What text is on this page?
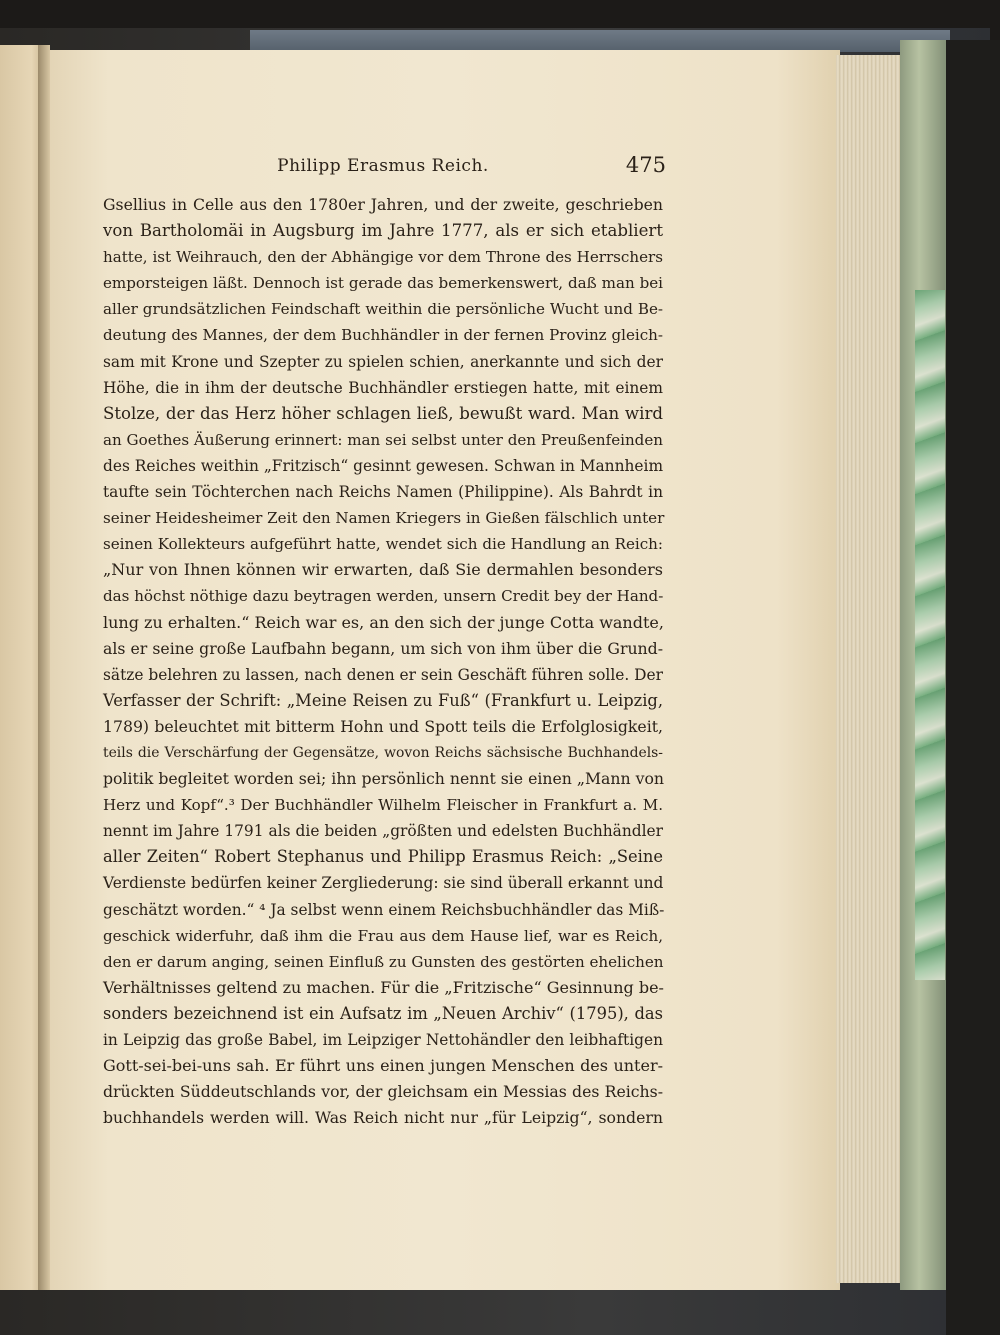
Philipp Erasmus Reich.	475
Gsellius in Celle aus den 1780er Jahren, und der zweite, geschrieben
von Bartholomäi in Augsburg im Jahre 1777, als er sich etabliert
hatte, ist Weihrauch, den der Abhängige vor dem Throne des Herrschers
emporsteigen läßt. Dennoch ist gerade das bemerkenswert, daß man bei
aller grundsätzlichen Feindschaft weithin die persönliche Wucht und Be-
deutung des Mannes, der dem Buchhändler in der fernen Provinz gleich-
sam mit Krone und Szepter zu spielen schien, anerkannte und sich der
Höhe, die in ihm der deutsche Buchhändler erstiegen hatte, mit einem
Stolze, der das Herz höher schlagen ließ, bewußt ward. Man wird
an Goethes Äußerung erinnert: man sei selbst unter den Preußenfeinden
des Reiches weithin „Fritzisch“ gesinnt gewesen. Schwan in Mannheim
taufte sein Töchterchen nach Reichs Namen (Philippine). Als Bahrdt in
seiner Heidesheimer Zeit den Namen Kriegers in Gießen fälschlich unter
seinen Kollekteurs aufgeführt hatte, wendet sich die Handlung an Reich:
„Nur von Ihnen können wir erwarten, daß Sie dermahlen besonders
das höchst nöthige dazu beytragen werden, unsern Credit bey der Hand-
lung zu erhalten.“ Reich war es, an den sich der junge Cotta wandte,
als er seine große Laufbahn begann, um sich von ihm über die Grund-
sätze belehren zu lassen, nach denen er sein Geschäft führen solle. Der
Verfasser der Schrift: „Meine Reisen zu Fuß“ (Frankfurt u. Leipzig,
1789) beleuchtet mit bitterm Hohn und Spott teils die Erfolglosigkeit,
teils die Verschärfung der Gegensätze, wovon Reichs sächsische Buchhandels-
politik begleitet worden sei; ihn persönlich nennt sie einen „Mann von
Herz und Kopf“.³ Der Buchhändler Wilhelm Fleischer in Frankfurt a. M.
nennt im Jahre 1791 als die beiden „größten und edelsten Buchhändler
aller Zeiten“ Robert Stephanus und Philipp Erasmus Reich: „Seine
Verdienste bedürfen keiner Zergliederung: sie sind überall erkannt und
geschätzt worden.“ ⁴ Ja selbst wenn einem Reichsbuchhändler das Miß-
geschick widerfuhr, daß ihm die Frau aus dem Hause lief, war es Reich,
den er darum anging, seinen Einfluß zu Gunsten des gestörten ehelichen
Verhältnisses geltend zu machen. Für die „Fritzische“ Gesinnung be-
sonders bezeichnend ist ein Aufsatz im „Neuen Archiv“ (1795), das
in Leipzig das große Babel, im Leipziger Nettohändler den leibhaftigen
Gott-sei-bei-uns sah. Er führt uns einen jungen Menschen des unter-
drückten Süddeutschlands vor, der gleichsam ein Messias des Reichs-
buchhandels werden will. Was Reich nicht nur „für Leipzig“, sondern
